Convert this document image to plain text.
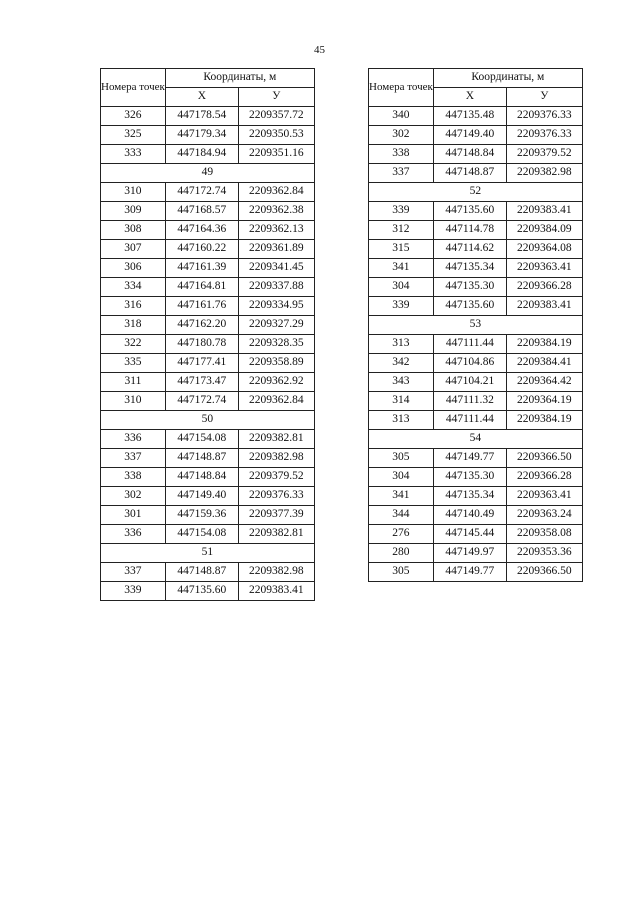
45
Номера точек	Координаты, м	
	X	У
326	447178.54	2209357.72
325	447179.34	2209350.53
333	447184.94	2209351.16
49		
310	447172.74	2209362.84
309	447168.57	2209362.38
308	447164.36	2209362.13
307	447160.22	2209361.89
306	447161.39	2209341.45
334	447164.81	2209337.88
316	447161.76	2209334.95
318	447162.20	2209327.29
322	447180.78	2209328.35
335	447177.41	2209358.89
311	447173.47	2209362.92
310	447172.74	2209362.84
50		
336	447154.08	2209382.81
337	447148.87	2209382.98
338	447148.84	2209379.52
302	447149.40	2209376.33
301	447159.36	2209377.39
336	447154.08	2209382.81
51		
337	447148.87	2209382.98
339	447135.60	2209383.41
Номера точек	Координаты, м	
	X	У
340	447135.48	2209376.33
302	447149.40	2209376.33
338	447148.84	2209379.52
337	447148.87	2209382.98
52		
339	447135.60	2209383.41
312	447114.78	2209384.09
315	447114.62	2209364.08
341	447135.34	2209363.41
304	447135.30	2209366.28
339	447135.60	2209383.41
53		
313	447111.44	2209384.19
342	447104.86	2209384.41
343	447104.21	2209364.42
314	447111.32	2209364.19
313	447111.44	2209384.19
54		
305	447149.77	2209366.50
304	447135.30	2209366.28
341	447135.34	2209363.41
344	447140.49	2209363.24
276	447145.44	2209358.08
280	447149.97	2209353.36
305	447149.77	2209366.50
